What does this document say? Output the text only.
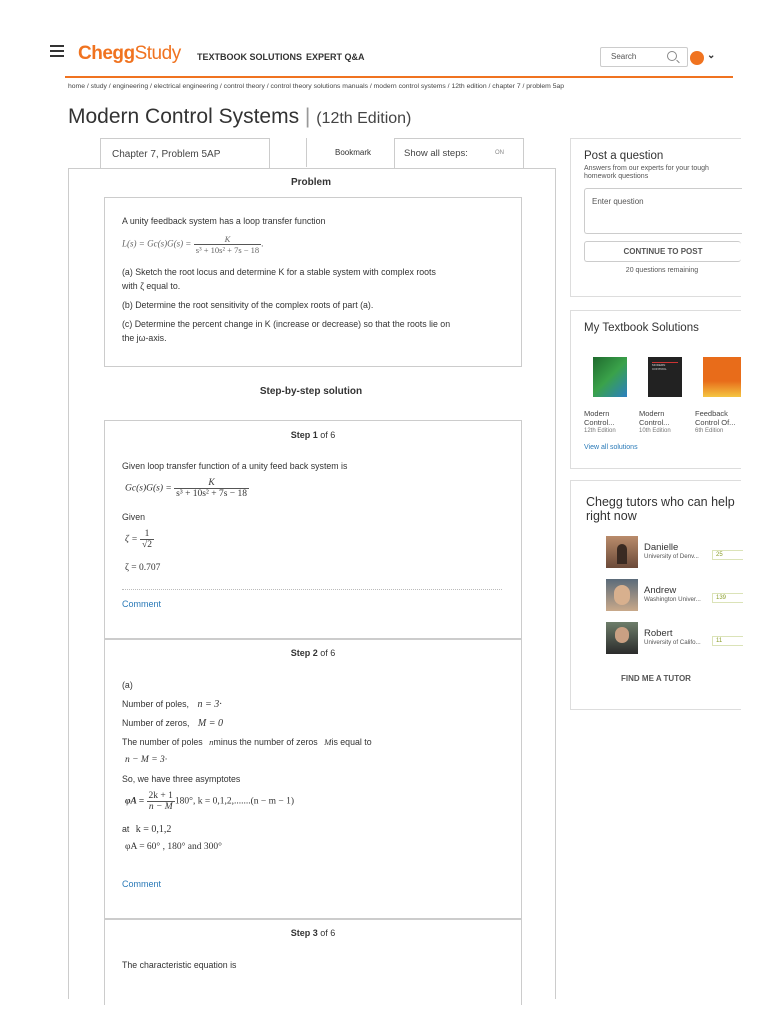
CheggStudy TEXTBOOK SOLUTIONS EXPERT Q&A	Search	⌄
home / study / engineering / electrical engineering / control theory / control theory solutions manuals / modern control systems / 12th edition / chapter 7 / problem 5ap
Modern Control Systems | (12th Edition)
Chapter 7, Problem 5AP	Bookmark	Show all steps:	ON
Problem
A unity feedback system has a loop transfer function
$L(s) = Gc(s)G(s) = \frac{K}{\text{s³ + 10s² + 7s − 18}}$ .
(a) Sketch the root locus and determine K for a stable system with complex roots
with ζ equal to.
(b) Determine the root sensitivity of the complex roots of part (a).
(c) Determine the percent change in K (increase or decrease) so that the roots lie on
the jω-axis.
Step-by-step solution
Step 1 of 6
Given loop transfer function of a unity feed back system is
$Gc(s)G(s) = \frac{K}{\text{s³ + 10s² + 7s − 18}}$
Given
$\zeta = \frac{1}{√2}$
ζ = 0.707
Comment
Step 2 of 6
(a)
Number of poles, n = 3·
Number of zeros, M = 0
The number of poles nminus the number of zeros Mis equal to
n − M = 3·
So, we have three asymptotes
$\varphi A = \frac{2k + 1}{n - M} 180^\circ$, k = 0,1,2,.......(n − m − 1)
at k = 0,1,2
φA = 60° , 180° and 300°
Comment
Step 3 of 6
The characteristic equation is
Post a question
Answers from our experts for your tough homework questions
Enter question
CONTINUE TO POST
20 questions remaining
My Textbook Solutions
Modern
Control...
12th Edition
MODERN CONTROL
Modern
Control...
10th Edition
Feedback
Control Of...
6th Edition
View all solutions
Chegg tutors who can help
right now
Danielle
University of Denv...	25
Andrew
Washington Univer...	139
Robert
University of Califo...	11
FIND ME A TUTOR
